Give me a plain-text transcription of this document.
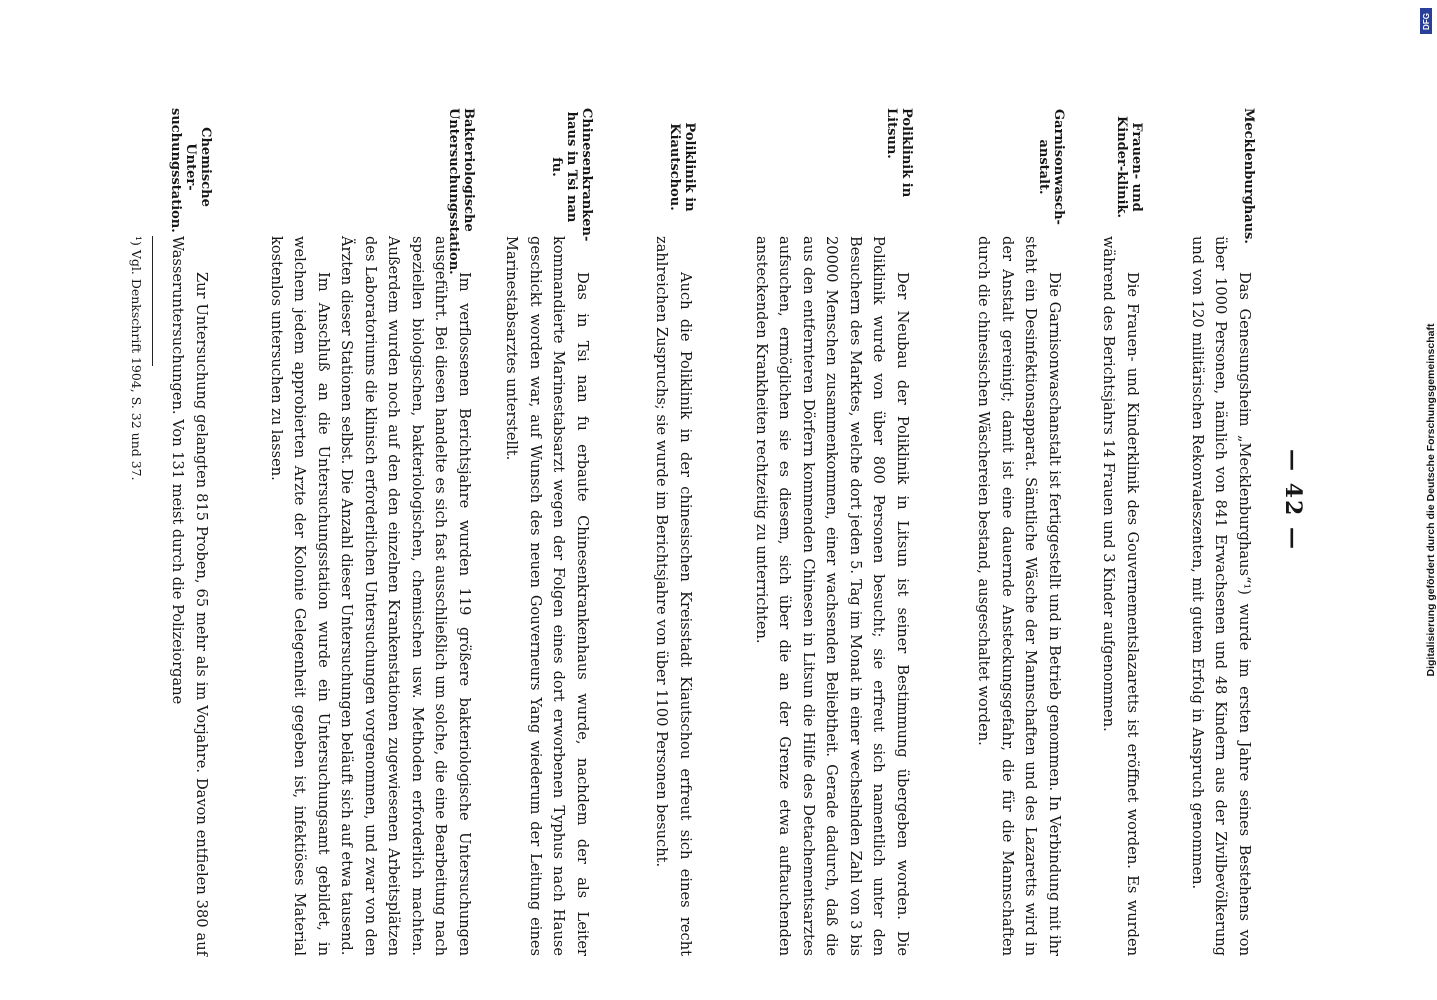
— 42 —
Mecklenburghaus.

Das Genesungsheim „Mecklenburghaus“¹) wurde im ersten Jahre seines Bestehens von über 1000 Personen, nämlich von 841 Erwachsenen und 48 Kindern aus der Zivilbevölkerung und von 120 militärischen Rekonvaleszenten, mit gutem Erfolg in Anspruch genommen.

Frauen- und Kinder-klinik.

Die Frauen- und Kinderklinik des Gouvernementslazaretts ist eröffnet worden. Es wurden während des Berichtsjahrs 14 Frauen und 3 Kinder aufgenommen.

Garnisonwasch-anstalt.

Die Garnisonwaschanstalt ist fertiggestellt und in Betrieb genommen. In Verbindung mit ihr steht ein Desinfektionsapparat. Sämtliche Wäsche der Mannschaften und des Lazaretts wird in der Anstalt gereinigt; damit ist eine dauernde Ansteckungsgefahr, die für die Mannschaften durch die chinesischen Wäschereien bestand, ausgeschaltet worden.

Poliklinik in Litsun.

Der Neubau der Poliklinik in Litsun ist seiner Bestimmung übergeben worden. Die Poliklinik wurde von über 800 Personen besucht; sie erfreut sich namentlich unter den Besuchern des Marktes, welche dort jeden 5. Tag im Monat in einer wechselnden Zahl von 3 bis 20000 Menschen zusammenkommen, einer wachsenden Beliebtheit. Gerade dadurch, daß die aus den entfernteren Dörfern kommenden Chinesen in Litsun die Hilfe des Detachementsarztes aufsuchen, ermöglichen sie es diesem, sich über die an der Grenze etwa auftauchenden ansteckenden Krankheiten rechtzeitig zu unterrichten.

Poliklinik in Kiautschou.

Auch die Poliklinik in der chinesischen Kreisstadt Kiautschou erfreut sich eines recht zahlreichen Zuspruchs; sie wurde im Berichtsjahre von über 1100 Personen besucht.

Chinesenkranken-haus in Tsi nan fu.

Das in Tsi nan fu erbaute Chinesenkrankenhaus wurde, nachdem der als Leiter kommandierte Marinestabsarzt wegen der Folgen eines dort erworbenen Typhus nach Hause geschickt worden war, auf Wunsch des neuen Gouverneurs Yang wiederum der Leitung eines Marinestabsarztes unterstellt.

Bakteriologische Untersuchungsstation.

Im verflossenen Berichtsjahre wurden 119 größere bakteriologische Untersuchungen ausgeführt. Bei diesen handelte es sich fast ausschließlich um solche, die eine Bearbeitung nach speziellen biologischen, bakteriologischen, chemischen usw. Methoden erforderlich machten. Außerdem wurden noch auf den den einzelnen Krankenstationen zugewiesenen Arbeitsplätzen des Laboratoriums die klinisch erforderlichen Untersuchungen vorgenommen, und zwar von den Ärzten dieser Stationen selbst. Die Anzahl dieser Untersuchungen beläuft sich auf etwa tausend.

Im Anschluß an die Untersuchungsstation wurde ein Untersuchungsamt gebildet, in welchem jedem approbierten Arzte der Kolonie Gelegenheit gegeben ist, infektiöses Material kostenlos untersuchen zu lassen.

Chemische Unter-suchungsstation.

Zur Untersuchung gelangten 815 Proben, 65 mehr als im Vorjahre. Davon entfielen 380 auf Wasseruntersuchungen. Von 131 meist durch die Polizeiorgane

¹) Vgl. Denkschrift 1904, S. 32 und 37.	Digitalisierung gefördert durch die Deutsche Forschungsgemeinschaft
DFG
